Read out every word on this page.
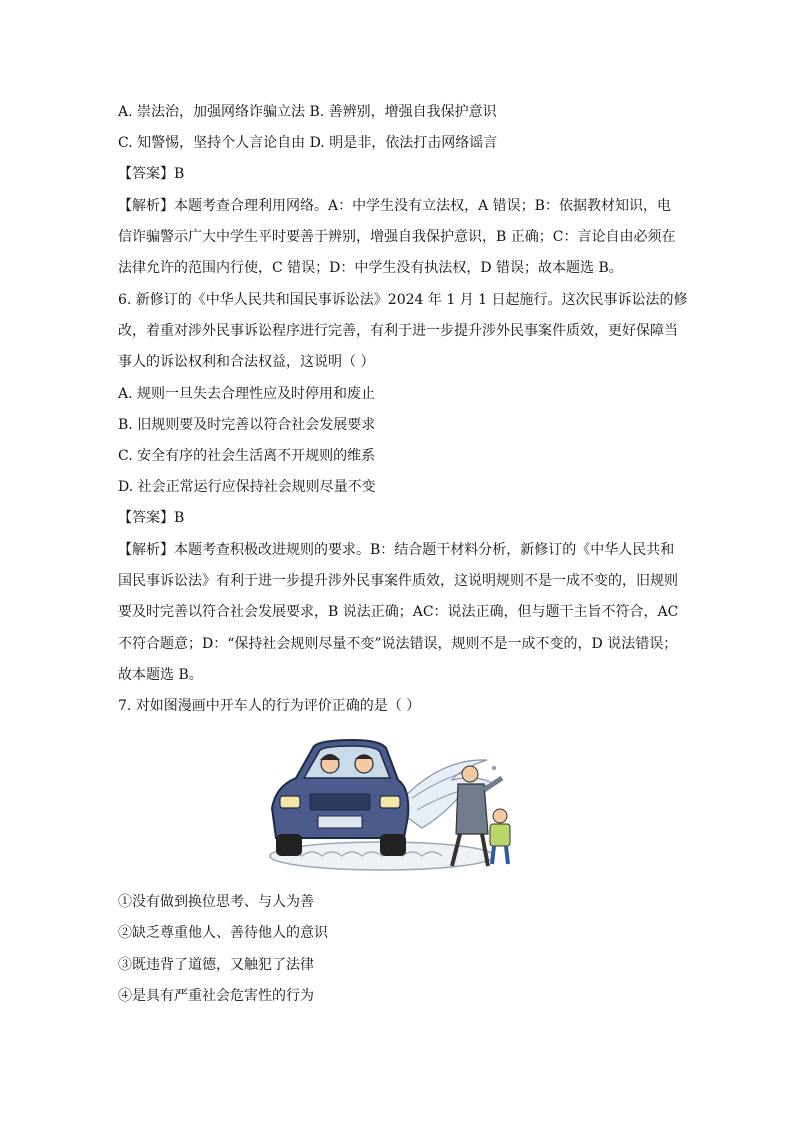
A. 崇法治，加强网络诈骗立法 B. 善辨别，增强自我保护意识
C. 知警惕，坚持个人言论自由 D. 明是非，依法打击网络谣言
【答案】B
【解析】本题考查合理利用网络。A：中学生没有立法权，A 错误；B：依据教材知识，电
信诈骗警示广大中学生平时要善于辨别，增强自我保护意识，B 正确；C：言论自由必须在
法律允许的范围内行使，C 错误；D：中学生没有执法权，D 错误；故本题选 B。
6. 新修订的《中华人民共和国民事诉讼法》2024 年 1 月 1 日起施行。这次民事诉讼法的修
改，着重对涉外民事诉讼程序进行完善，有利于进一步提升涉外民事案件质效，更好保障当
事人的诉讼权利和合法权益，这说明（ ）
A. 规则一旦失去合理性应及时停用和废止
B. 旧规则要及时完善以符合社会发展要求
C. 安全有序的社会生活离不开规则的维系
D. 社会正常运行应保持社会规则尽量不变
【答案】B
【解析】本题考查积极改进规则的要求。B：结合题干材料分析，新修订的《中华人民共和
国民事诉讼法》有利于进一步提升涉外民事案件质效，这说明规则不是一成不变的，旧规则
要及时完善以符合社会发展要求，B 说法正确；AC：说法正确，但与题干主旨不符合，AC
不符合题意；D：“保持社会规则尽量不变”说法错误，规则不是一成不变的，D 说法错误；
故本题选 B。
7. 对如图漫画中开车人的行为评价正确的是（ ）
①没有做到换位思考、与人为善
②缺乏尊重他人、善待他人的意识
③既违背了道德，又触犯了法律
④是具有严重社会危害性的行为
